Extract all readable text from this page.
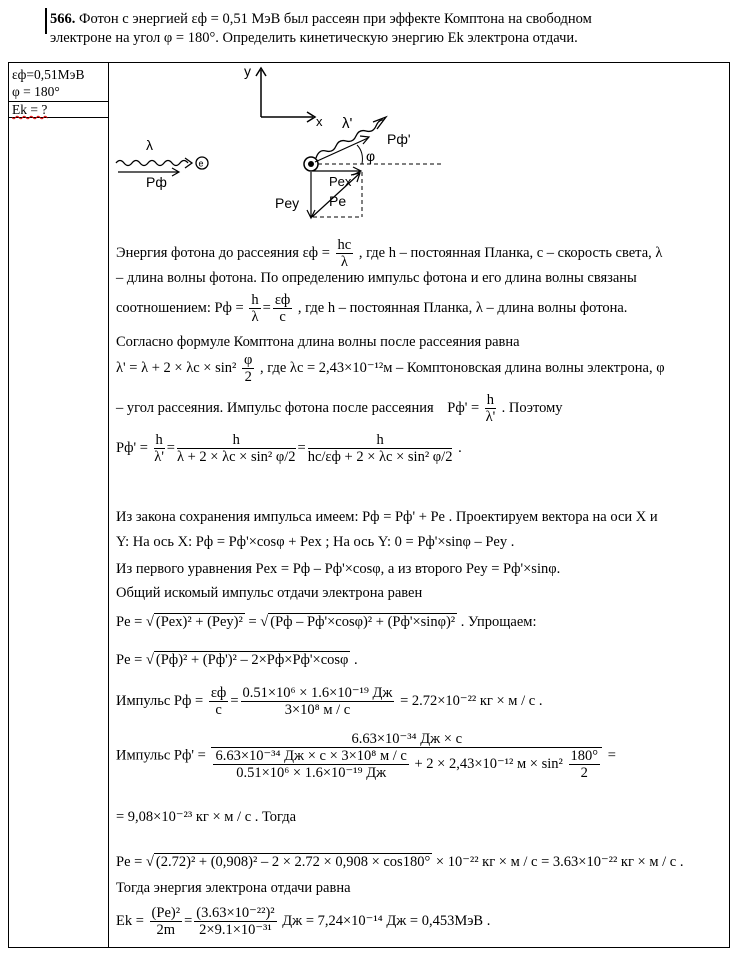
566. Фотон с энергией εф = 0,51 МэВ был рассеян при эффекте Комптона на свободном
электроне на угол φ = 180°. Определить кинетическую энергию Ek электрона отдачи.
εф=0,51МэВ
φ = 180°
Ek = ?
y
x
λ
Pф
e
λ'
Pф'
φ
Pex
Pe
Pey
Энергия фотона до рассеяния $\varepsilon ф = \frac{hc}{\lambda}$ , где h – постоянная Планка, c – скорость света, λ
– длина волны фотона. По определению импульс фотона и его длина волны связаны
соотношением: Pф = $\frac{h}{\lambda} = \frac{\varepsilon ф}{c}$ , где h – постоянная Планка, λ – длина волны фотона.
Согласно формуле Комптона длина волны после рассеяния равна
$\lambda' = \lambda + 2 \times \lambda c \times \sin^2 \frac{\varphi}{2}$ , где λc = 2,43×10⁻¹²м – Комптоновская длина волны электрона, φ
– угол рассеяния. Импульс фотона после рассеяния $Pф' = \frac{h}{\lambda'}$ . Поэтому
$Pф' = \frac{h}{\lambda'} = \frac{h}{\text{λ + 2 × λc × sin² φ/2}} = \frac{h}{\text{hc/εф + 2 × λc × sin² φ/2}}$ .
Из закона сохранения импульса имеем: Pф = Pф' + Pe . Проектируем вектора на оси X и
Y: На ось X: Pф = Pф'×cosφ + Pex ; На ось Y: 0 = Pф'×sinφ – Pey .
Из первого уравнения Pex = Pф – Pф'×cosφ, а из второго Pey = Pф'×sinφ.
Общий искомый импульс отдачи электрона равен
Pe = √ (Pex)² + (Pey)² = √ (Pф – Pф'×cosφ)² + (Pф'×sinφ)² . Упрощаем:
Pe = √ (Pф)² + (Pф')² – 2×Pф×Pф'×cosφ .
Импульс Pф = $\frac{\varepsilon ф}{c} = \frac{\text{0.51×10⁶ × 1.6×10⁻¹⁹ Дж}}{\text{3×10⁸ м / с}} = 2.72\times 10^{-22}$ кг × м / с .
Импульс Pф' =
6.63×10⁻³⁴ Дж × с
$\frac{\text{6.63×10⁻³⁴ Дж × с × 3×10⁸ м / с}}{\text{0.51×10⁶ × 1.6×10⁻¹⁹ Дж}} + 2 \times 2,43\times 10^{-12}$ $м \times \sin^2 \frac{180^\circ}{2}$ =
= 9,08×10⁻²³ кг × м / с . Тогда
Pe = √ (2.72)² + (0,908)² – 2 × 2.72 × 0,908 × cos180° × 10⁻²² кг × м / с = 3.63×10⁻²² кг × м / с .
Тогда энергия электрона отдачи равна
$Ek = \frac{\text{(Pe)²}}{2m} = \frac{\text{(3.63×10⁻²²)²}}{\text{2×9.1×10⁻³¹}}$ Дж = 7,24×10⁻¹⁴ Дж = 0,453МэВ .
